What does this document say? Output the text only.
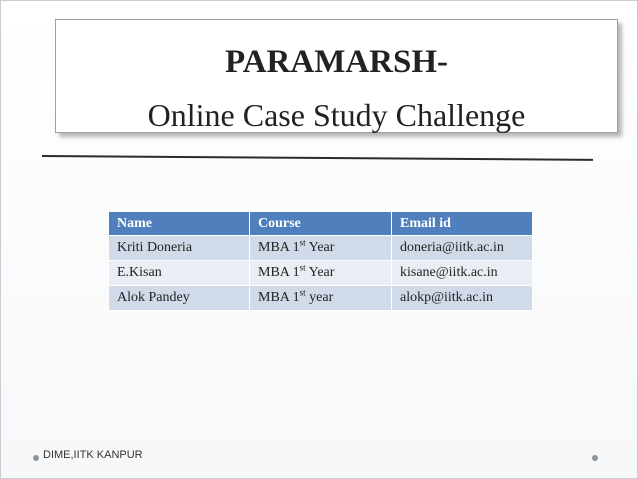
PARAMARSH-
Online Case Study Challenge
Name	Course	Email id
Kriti Doneria	MBA 1st Year	doneria@iitk.ac.in
E.Kisan	MBA 1st Year	kisane@iitk.ac.in
Alok Pandey	MBA 1st year	alokp@iitk.ac.in
DIME,IITK KANPUR
